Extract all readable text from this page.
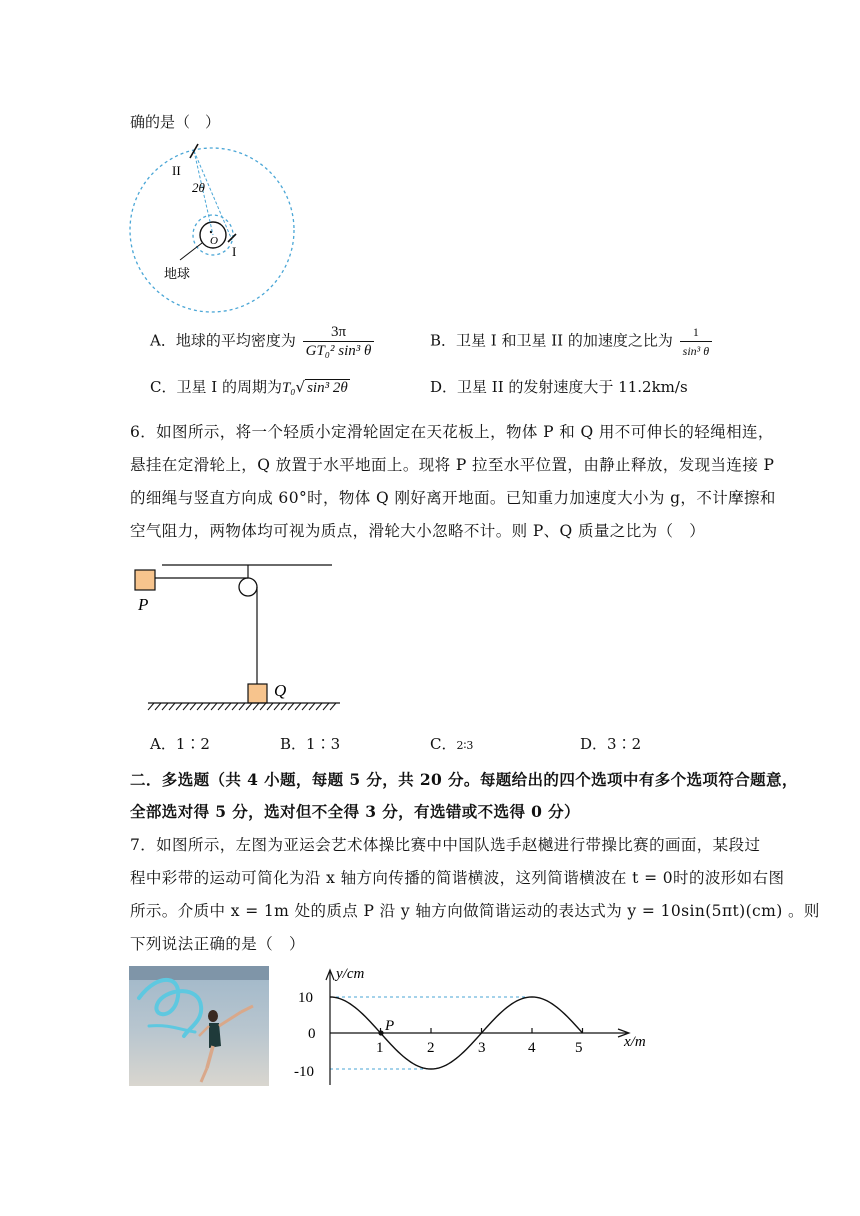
确的是（　）
II
2θ
O
I
地球
A．地球的平均密度为 $\frac{3\pi}{\text{GT₀² sin³ θ}}$	B．卫星 I 和卫星 II 的加速度之比为 $\frac{1}{\text{sin³ θ}}$
C．卫星 I 的周期为T₀√ sin³ 2θ	D．卫星 II 的发射速度大于 11.2km/s
6．如图所示，将一个轻质小定滑轮固定在天花板上，物体 P 和 Q 用不可伸长的轻绳相连，
悬挂在定滑轮上，Q 放置于水平地面上。现将 P 拉至水平位置，由静止释放，发现当连接 P
的细绳与竖直方向成 60°时，物体 Q 刚好离开地面。已知重力加速度大小为 g，不计摩擦和
空气阻力，两物体均可视为质点，滑轮大小忽略不计。则 P、Q 质量之比为（　）
P
Q
A．1∶2	B．1∶3	C．2∶3	D．3∶2
二．多选题（共 4 小题，每题 5 分，共 20 分。每题给出的四个选项中有多个选项符合题意，
全部选对得 5 分，选对但不全得 3 分，有选错或不选得 0 分）
7．如图所示，左图为亚运会艺术体操比赛中中国队选手赵樾进行带操比赛的画面，某段过
程中彩带的运动可简化为沿 x 轴方向传播的简谐横波，这列简谐横波在 t = 0时的波形如右图
所示。介质中 x = 1m 处的质点 P 沿 y 轴方向做简谐运动的表达式为 y = 10sin(5πt)(cm) 。则
下列说法正确的是（　）
P
y/cm
x/m
10
0
-10
1	2	3	4	5
